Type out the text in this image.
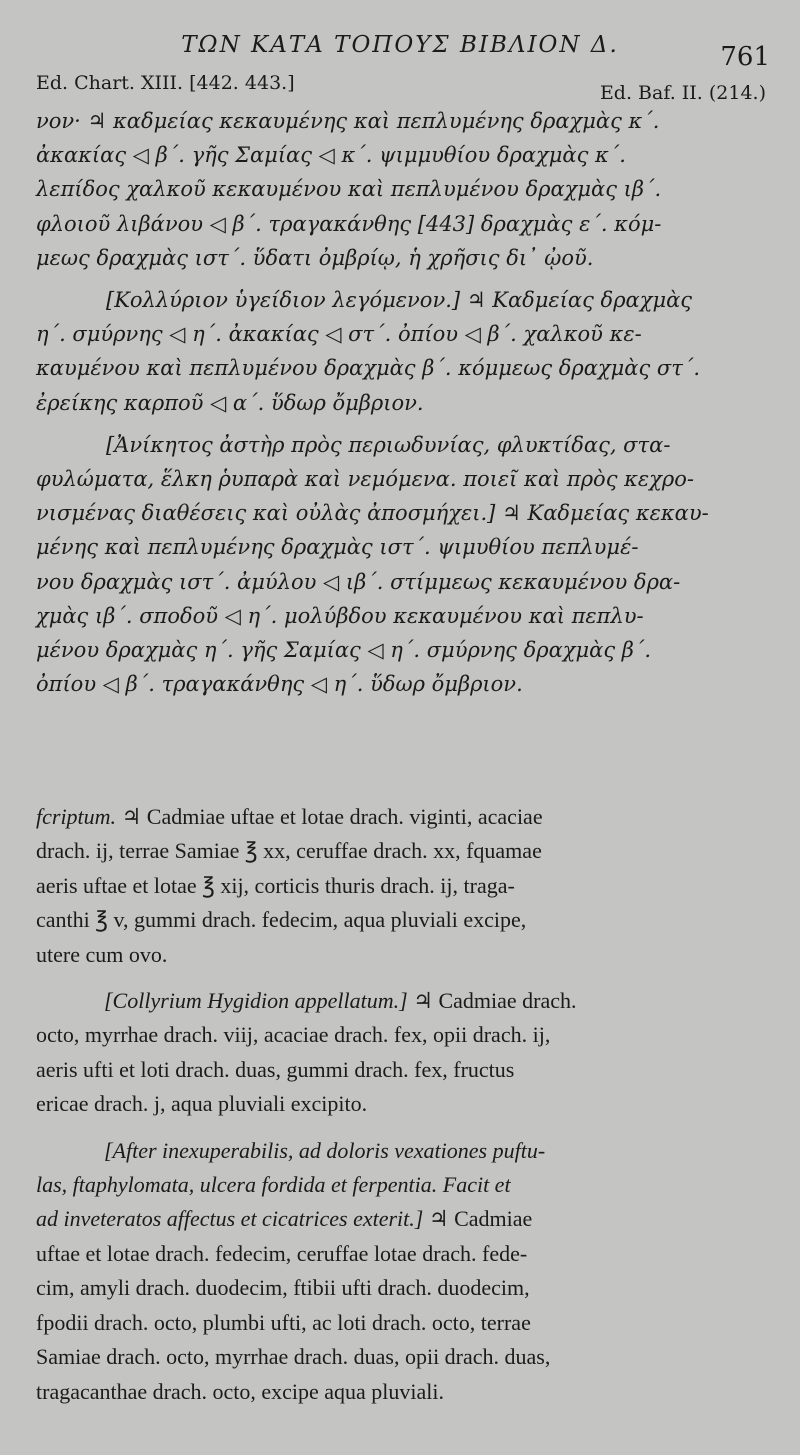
ΤΩΝ ΚΑΤΑ ΤΟΠΟΥΣ ΒΙΒΛΙΟΝ Δ.	761
Ed. Chart. XIII. [442. 443.]	Ed. Baf. II. (214.)
νον· ♃ καδμείας κεκαυμένης καὶ πεπλυμένης δραχμὰς κ΄.
ἀκακίας ◁ β΄. γῆς Σαμίας ◁ κ΄. ψιμμυθίου δραχμὰς κ΄.
λεπίδος χαλκοῦ κεκαυμένου καὶ πεπλυμένου δραχμὰς ιβ΄.
φλοιοῦ λιβάνου ◁ β΄. τραγακάνθης [443] δραχμὰς ε΄. κόμ-
μεως δραχμὰς ιστ΄. ὕδατι ὀμβρίῳ, ἡ χρῆσις δι᾽ ᾠοῦ.
[Κολλύριον ὑγείδιον λεγόμενον.] ♃ Καδμείας δραχμὰς
η΄. σμύρνης ◁ η΄. ἀκακίας ◁ στ΄. ὀπίου ◁ β΄. χαλκοῦ κε-
καυμένου καὶ πεπλυμένου δραχμὰς β΄. κόμμεως δραχμὰς στ΄.
ἐρείκης καρποῦ ◁ α΄. ὕδωρ ὄμβριον.
[Ἀνίκητος ἀστὴρ πρὸς περιωδυνίας, φλυκτίδας, στα-
φυλώματα, ἕλκη ῥυπαρὰ καὶ νεμόμενα. ποιεῖ καὶ πρὸς κεχρο-
νισμένας διαθέσεις καὶ οὐλὰς ἀποσμήχει.] ♃ Καδμείας κεκαυ-
μένης καὶ πεπλυμένης δραχμὰς ιστ΄. ψιμυθίου πεπλυμέ-
νου δραχμὰς ιστ΄. ἀμύλου ◁ ιβ΄. στίμμεως κεκαυμένου δρα-
χμὰς ιβ΄. σποδοῦ ◁ η΄. μολύβδου κεκαυμένου καὶ πεπλυ-
μένου δραχμὰς η΄. γῆς Σαμίας ◁ η΄. σμύρνης δραχμὰς β΄.
ὀπίου ◁ β΄. τραγακάνθης ◁ η΄. ὕδωρ ὄμβριον.
fcriptum. ♃ Cadmiae uftae et lotae drach. viginti, acaciae
drach. ij, terrae Samiae ℥ xx, ceruffae drach. xx, fquamae
aeris uftae et lotae ℥ xij, corticis thuris drach. ij, traga-
canthi ℥ v, gummi drach. fedecim, aqua pluviali excipe,
utere cum ovo.
[Collyrium Hygidion appellatum.] ♃ Cadmiae drach.
octo, myrrhae drach. viij, acaciae drach. fex, opii drach. ij,
aeris ufti et loti drach. duas, gummi drach. fex, fructus
ericae drach. j, aqua pluviali excipito.
[After inexuperabilis, ad doloris vexationes puftu-
las, ftaphylomata, ulcera fordida et ferpentia. Facit et
ad inveteratos affectus et cicatrices exterit.] ♃ Cadmiae
uftae et lotae drach. fedecim, ceruffae lotae drach. fede-
cim, amyli drach. duodecim, ftibii ufti drach. duodecim,
fpodii drach. octo, plumbi ufti, ac loti drach. octo, terrae
Samiae drach. octo, myrrhae drach. duas, opii drach. duas,
tragacanthae drach. octo, excipe aqua pluviali.
